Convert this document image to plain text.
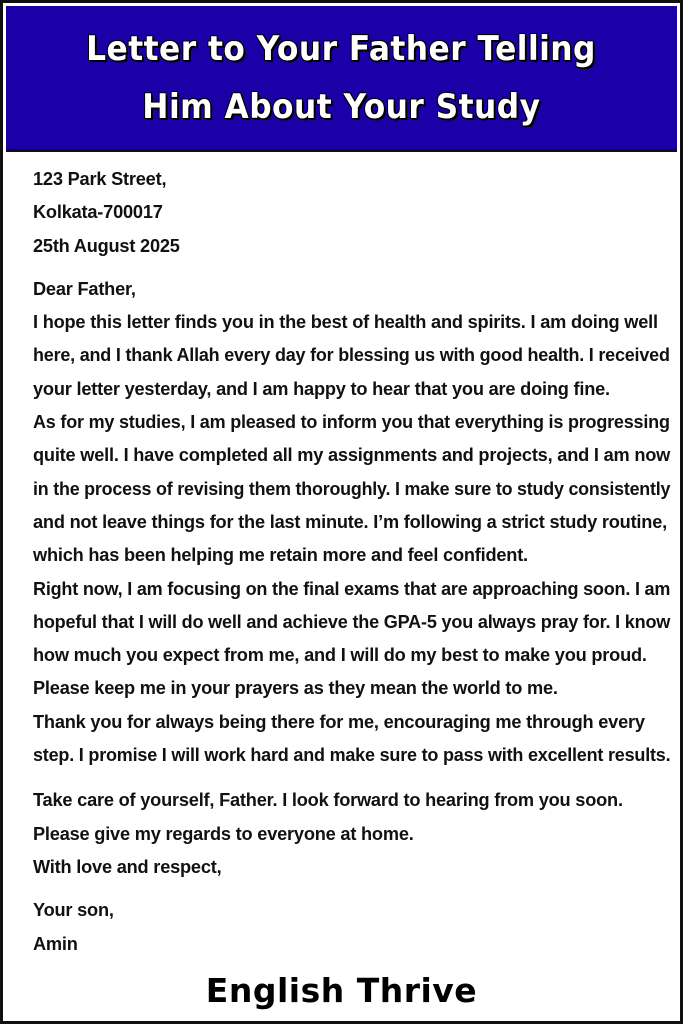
Letter to Your Father Telling
Him About Your Study
123 Park Street,
Kolkata-700017
25th August 2025
Dear Father,
I hope this letter finds you in the best of health and spirits. I am doing well
here, and I thank Allah every day for blessing us with good health. I received
your letter yesterday, and I am happy to hear that you are doing fine.
As for my studies, I am pleased to inform you that everything is progressing
quite well. I have completed all my assignments and projects, and I am now
in the process of revising them thoroughly. I make sure to study consistently
and not leave things for the last minute. I’m following a strict study routine,
which has been helping me retain more and feel confident.
Right now, I am focusing on the final exams that are approaching soon. I am
hopeful that I will do well and achieve the GPA-5 you always pray for. I know
how much you expect from me, and I will do my best to make you proud.
Please keep me in your prayers as they mean the world to me.
Thank you for always being there for me, encouraging me through every
step. I promise I will work hard and make sure to pass with excellent results.
Take care of yourself, Father. I look forward to hearing from you soon.
Please give my regards to everyone at home.
With love and respect,
Your son,
Amin
English Thrive
